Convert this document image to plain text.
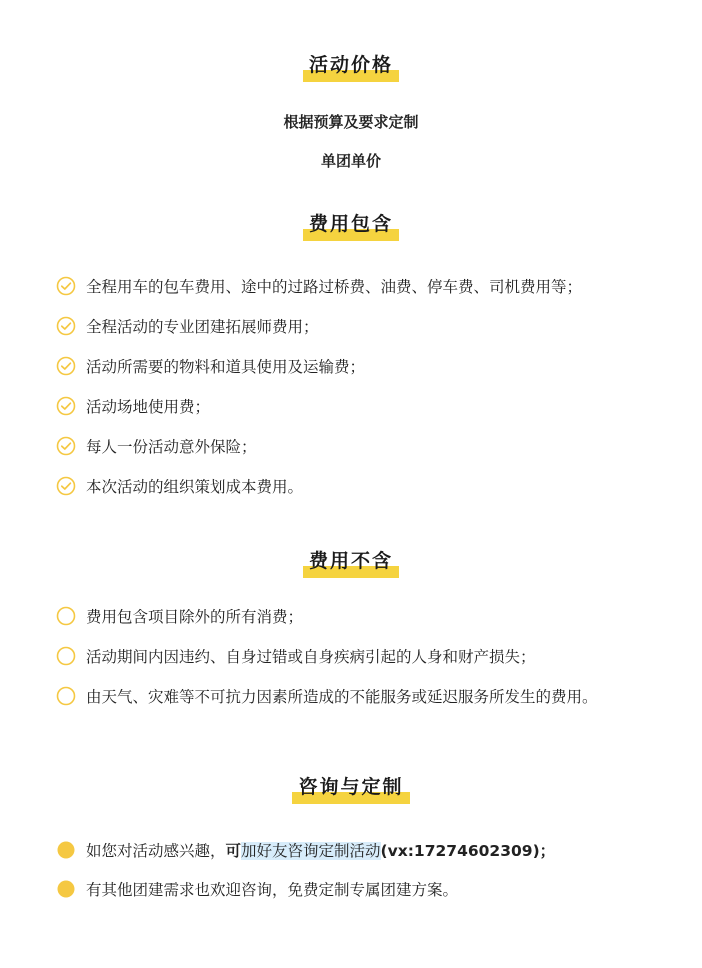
活动价格
根据预算及要求定制
单团单价
费用包含
全程用车的包车费用、途中的过路过桥费、油费、停车费、司机费用等；
全程活动的专业团建拓展师费用；
活动所需要的物料和道具使用及运输费；
活动场地使用费；
每人一份活动意外保险；
本次活动的组织策划成本费用。
费用不含
费用包含项目除外的所有消费；
活动期间内因违约、自身过错或自身疾病引起的人身和财产损失；
由天气、灾难等不可抗力因素所造成的不能服务或延迟服务所发生的费用。
咨询与定制
如您对活动感兴趣，可加好友咨询定制活动(vx:17274602309)；
有其他团建需求也欢迎咨询，免费定制专属团建方案。
